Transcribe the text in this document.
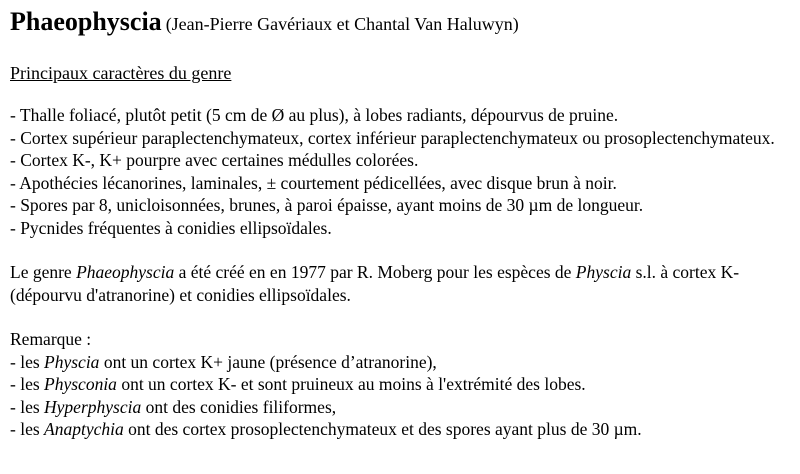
Phaeophyscia (Jean-Pierre Gavériaux et Chantal Van Haluwyn)

Principaux caractères du genre

- Thalle foliacé, plutôt petit (5 cm de Ø au plus), à lobes radiants, dépourvus de pruine.
- Cortex supérieur paraplectenchymateux, cortex inférieur paraplectenchymateux ou prosoplectenchymateux.
- Cortex K-, K+ pourpre avec certaines médulles colorées.
- Apothécies lécanorines, laminales, ± courtement pédicellées, avec disque brun à noir.
- Spores par 8, unicloisonnées, brunes, à paroi épaisse, ayant moins de 30 µm de longueur.
- Pycnides fréquentes à conidies ellipsoïdales.

Le genre Phaeophyscia a été créé en en 1977 par R. Moberg pour les espèces de Physcia s.l. à cortex K- (dépourvu d'atranorine) et conidies ellipsoïdales.

Remarque :
- les Physcia ont un cortex K+ jaune (présence d’atranorine),
- les Physconia ont un cortex K- et sont pruineux au moins à l'extrémité des lobes.
- les Hyperphyscia ont des conidies filiformes,
- les Anaptychia ont des cortex prosoplectenchymateux et des spores ayant plus de 30 µm.
